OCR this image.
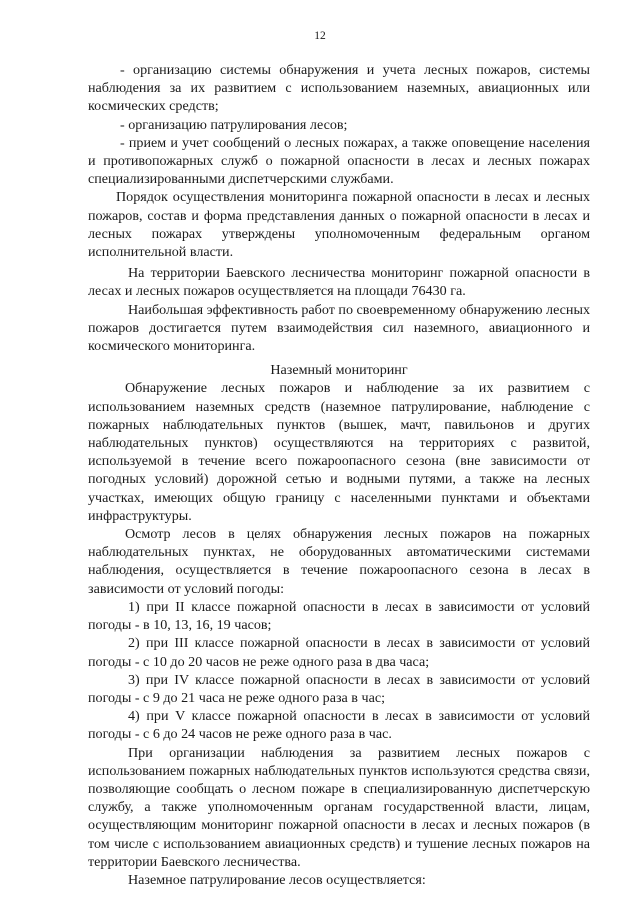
12

- организацию системы обнаружения и учета лесных пожаров, системы наблюдения за их развитием с использованием наземных, авиационных или космических средств;

- организацию патрулирования лесов;

- прием и учет сообщений о лесных пожарах, а также оповещение населения и противопожарных служб о пожарной опасности в лесах и лесных пожарах специализированными диспетчерскими службами.

Порядок осуществления мониторинга пожарной опасности в лесах и лесных пожаров, состав и форма представления данных о пожарной опасности в лесах и лесных пожарах утверждены уполномоченным федеральным органом исполнительной власти.

На территории Баевского лесничества мониторинг пожарной опасности в лесах и лесных пожаров осуществляется на площади 76430 га.

Наибольшая эффективность работ по своевременному обнаружению лесных пожаров достигается путем взаимодействия сил наземного, авиационного и космического мониторинга.

Наземный мониторинг

Обнаружение лесных пожаров и наблюдение за их развитием с использованием наземных средств (наземное патрулирование, наблюдение с пожарных наблюдательных пунктов (вышек, мачт, павильонов и других наблюдательных пунктов) осуществляются на территориях с развитой, используемой в течение всего пожароопасного сезона (вне зависимости от погодных условий) дорожной сетью и водными путями, а также на лесных участках, имеющих общую границу с населенными пунктами и объектами инфраструктуры.

Осмотр лесов в целях обнаружения лесных пожаров на пожарных наблюдательных пунктах, не оборудованных автоматическими системами наблюдения, осуществляется в течение пожароопасного сезона в лесах в зависимости от условий погоды:

1) при II классе пожарной опасности в лесах в зависимости от условий погоды - в 10, 13, 16, 19 часов;

2) при III классе пожарной опасности в лесах в зависимости от условий погоды - с 10 до 20 часов не реже одного раза в два часа;

3) при IV классе пожарной опасности в лесах в зависимости от условий погоды - с 9 до 21 часа не реже одного раза в час;

4) при V классе пожарной опасности в лесах в зависимости от условий погоды - с 6 до 24 часов не реже одного раза в час.

При организации наблюдения за развитием лесных пожаров с использованием пожарных наблюдательных пунктов используются средства связи, позволяющие сообщать о лесном пожаре в специализированную диспетчерскую службу, а также уполномоченным органам государственной власти, лицам, осуществляющим мониторинг пожарной опасности в лесах и лесных пожаров (в том числе с использованием авиационных средств) и тушение лесных пожаров на территории Баевского лесничества.

Наземное патрулирование лесов осуществляется:
